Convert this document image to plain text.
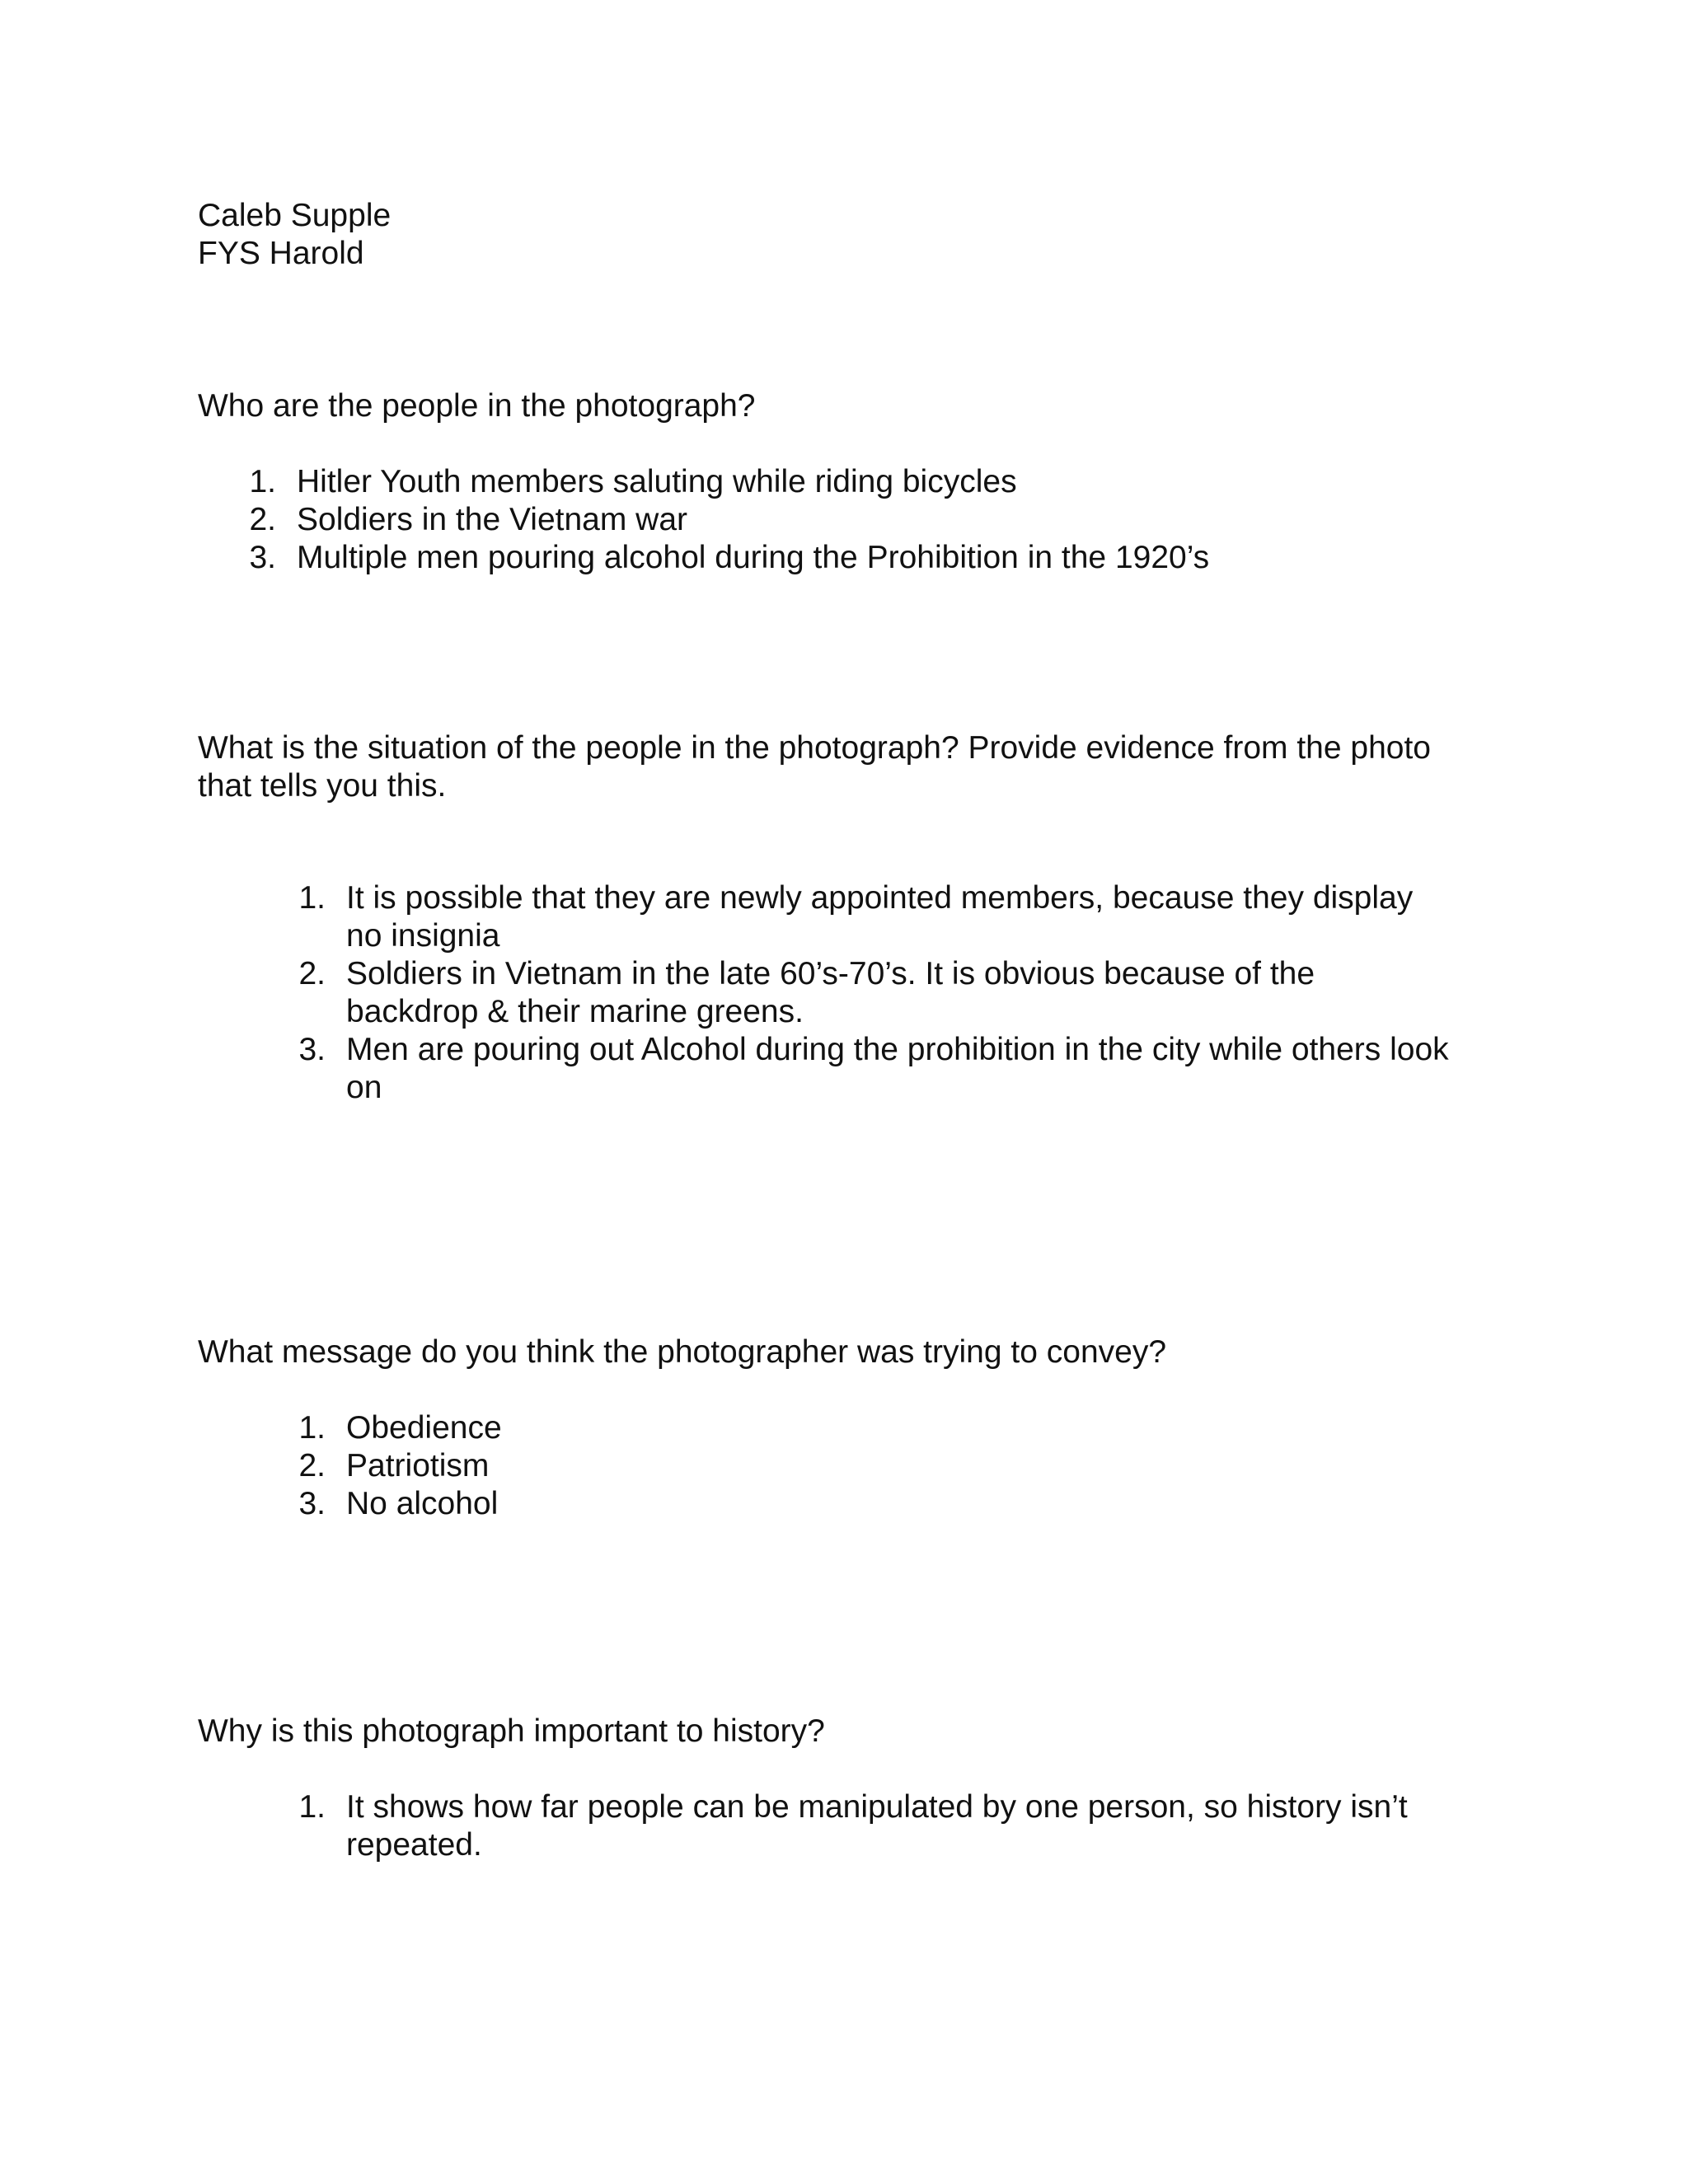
Caleb Supple

FYS Harold

Who are the people in the photograph?

1. Hitler Youth members saluting while riding bicycles
2. Soldiers in the Vietnam war
3. Multiple men pouring alcohol during the Prohibition in the 1920’s

What is the situation of the people in the photograph? Provide evidence from the photo

that tells you this.

1. It is possible that they are newly appointed members, because they display
no insignia
2. Soldiers in Vietnam in the late 60’s-70’s. It is obvious because of the
backdrop & their marine greens.
3. Men are pouring out Alcohol during the prohibition in the city while others look
on

What message do you think the photographer was trying to convey?

1. Obedience
2. Patriotism
3. No alcohol

Why is this photograph important to history?

1. It shows how far people can be manipulated by one person, so history isn’t
repeated.
